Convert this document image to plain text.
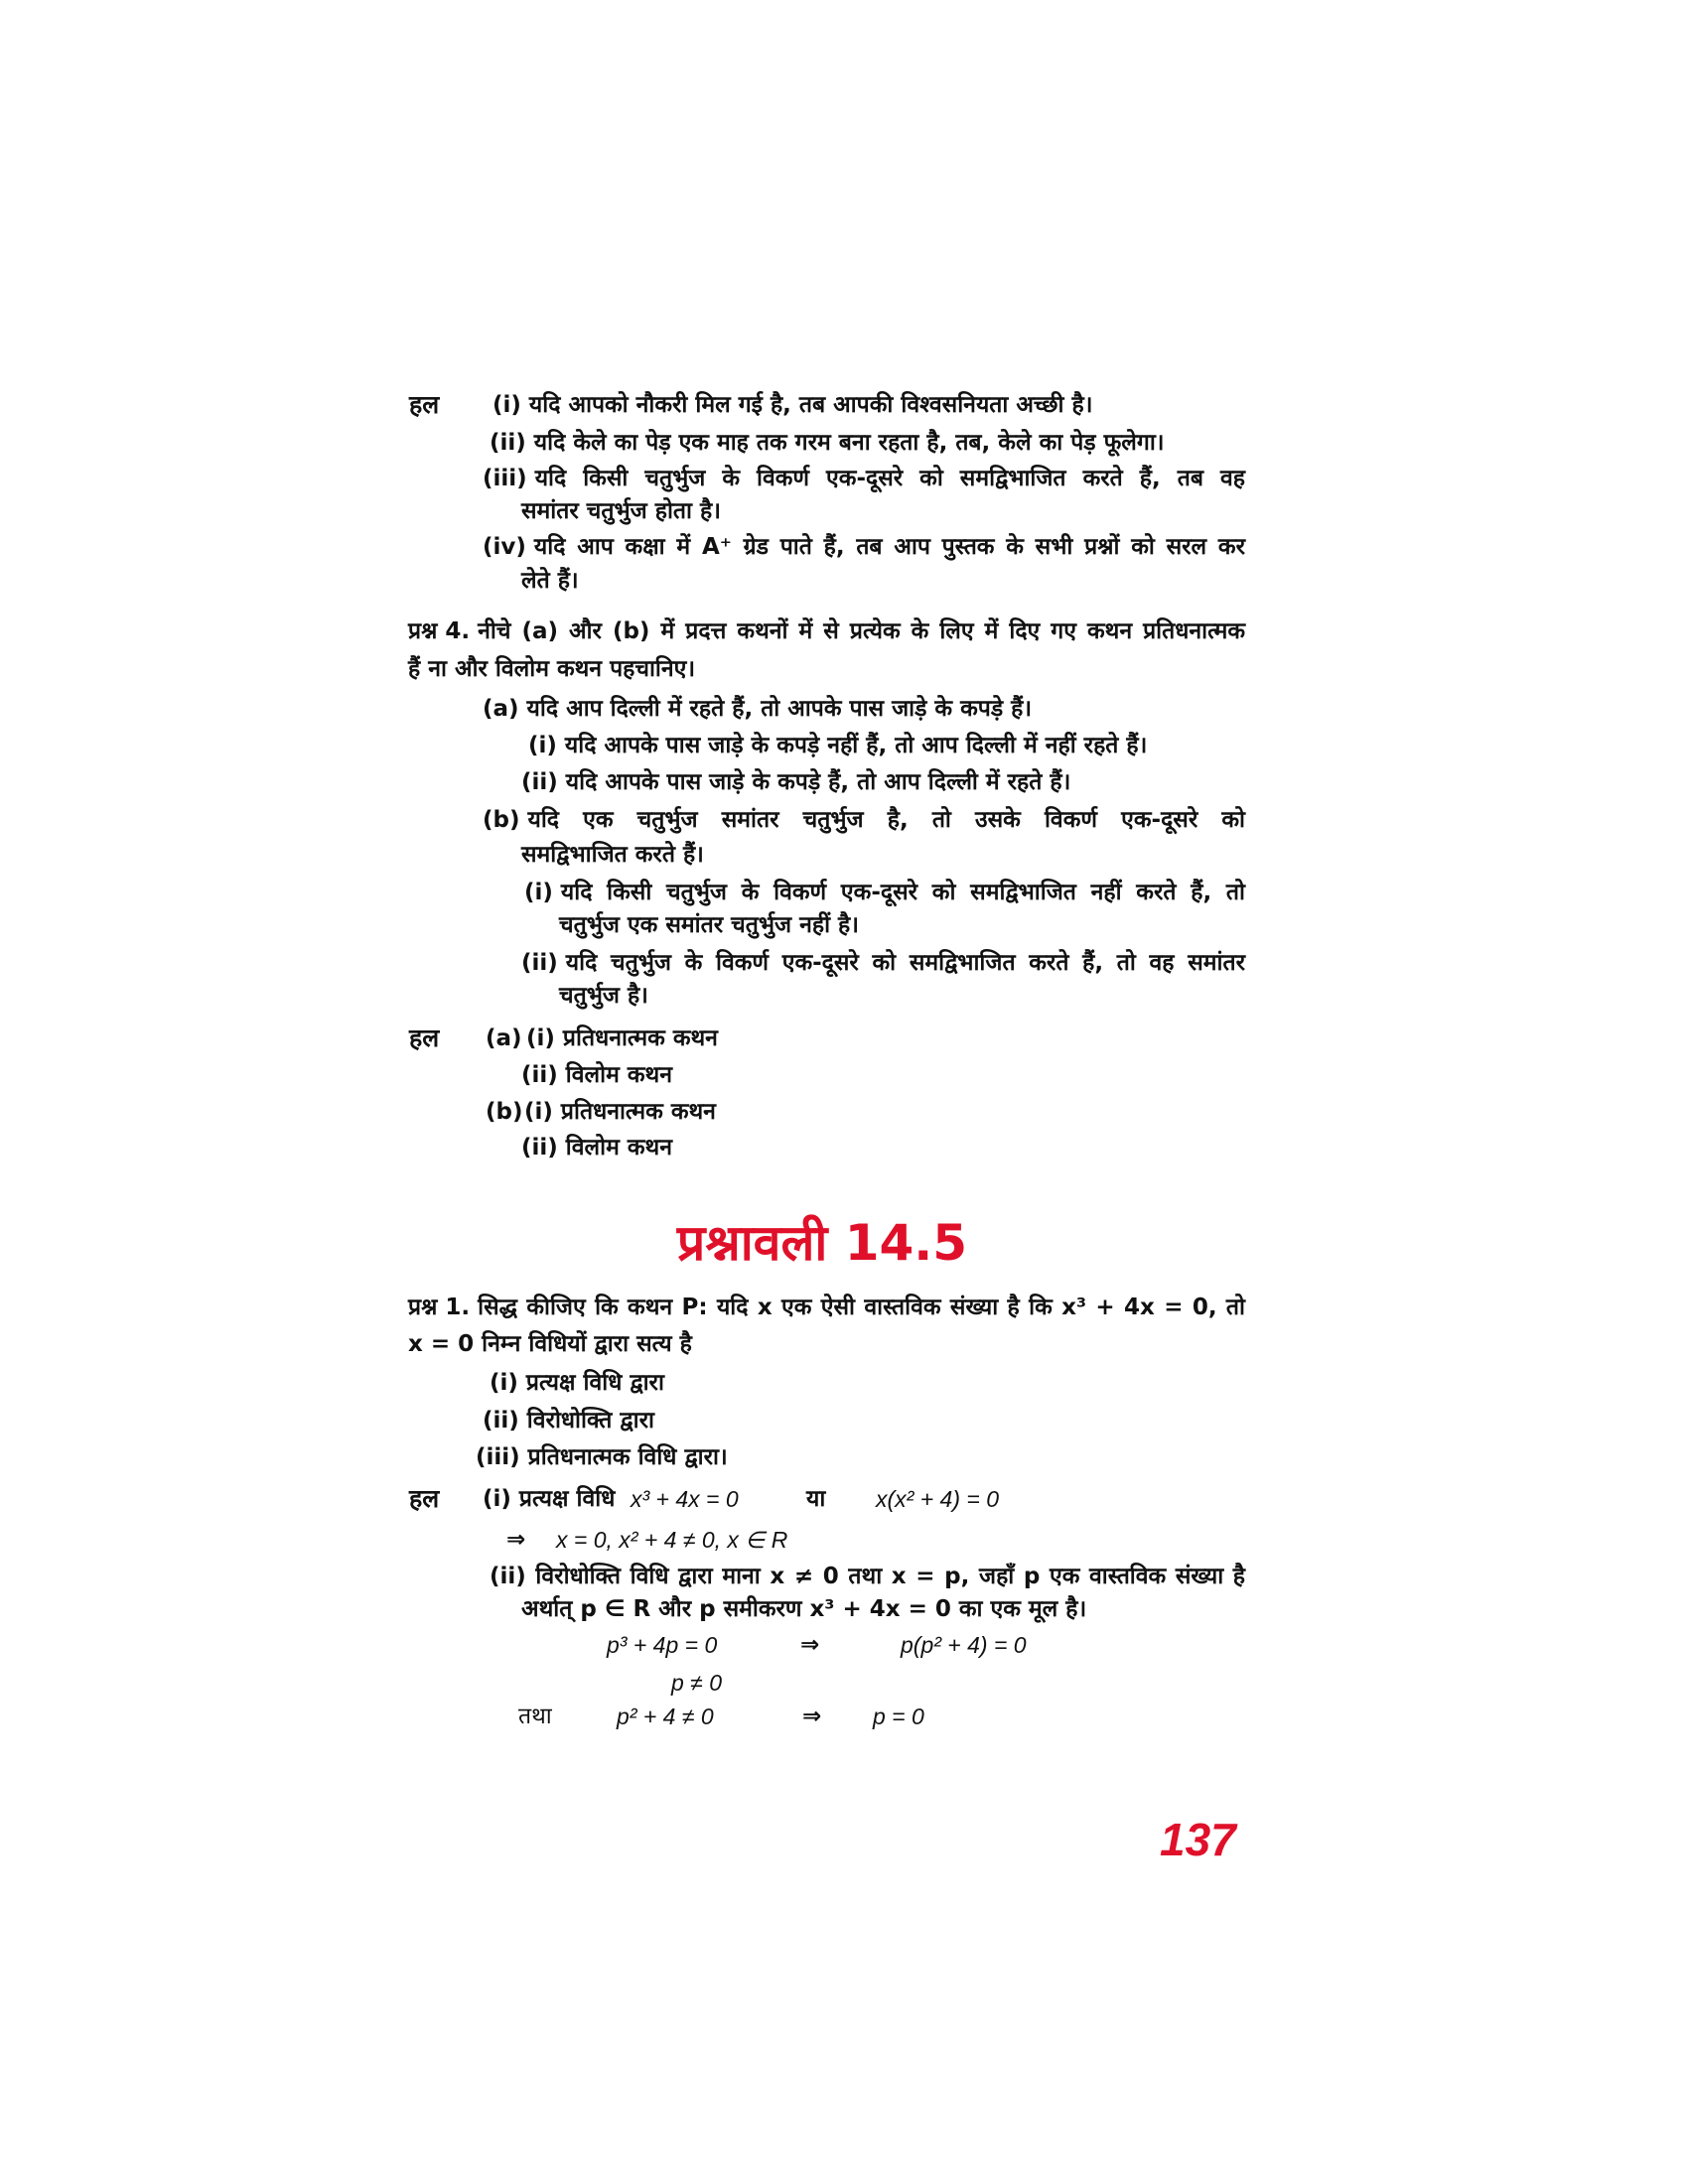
हल (i) यदि आपको नौकरी मिल गई है, तब आपकी विश्वसनियता अच्छी है।
(ii) यदि केले का पेड़ एक माह तक गरम बना रहता है, तब, केले का पेड़ फूलेगा।
(iii) यदि किसी चतुर्भुज के विकर्ण एक-दूसरे को समद्विभाजित करते हैं, तब वह
समांतर चतुर्भुज होता है।
(iv) यदि आप कक्षा में A⁺ ग्रेड पाते हैं, तब आप पुस्तक के सभी प्रश्नों को सरल कर
लेते हैं।
प्रश्न 4. नीचे (a) और (b) में प्रदत्त कथनों में से प्रत्येक के लिए में दिए गए कथन प्रतिधनात्मक
हैं ना और विलोम कथन पहचानिए।
(a) यदि आप दिल्ली में रहते हैं, तो आपके पास जाड़े के कपड़े हैं।
(i) यदि आपके पास जाड़े के कपड़े नहीं हैं, तो आप दिल्ली में नहीं रहते हैं।
(ii) यदि आपके पास जाड़े के कपड़े हैं, तो आप दिल्ली में रहते हैं।
(b) यदि एक चतुर्भुज समांतर चतुर्भुज है, तो उसके विकर्ण एक-दूसरे को
समद्विभाजित करते हैं।
(i) यदि किसी चतुर्भुज के विकर्ण एक-दूसरे को समद्विभाजित नहीं करते हैं, तो
चतुर्भुज एक समांतर चतुर्भुज नहीं है।
(ii) यदि चतुर्भुज के विकर्ण एक-दूसरे को समद्विभाजित करते हैं, तो वह समांतर
चतुर्भुज है।
हल (a) (i) प्रतिधनात्मक कथन
(ii) विलोम कथन
(b) (i) प्रतिधनात्मक कथन
(ii) विलोम कथन
प्रश्नावली 14.5
प्रश्न 1. सिद्ध कीजिए कि कथन P: यदि x एक ऐसी वास्तविक संख्या है कि x³ + 4x = 0, तो
x = 0 निम्न विधियों द्वारा सत्य है
(i) प्रत्यक्ष विधि द्वारा
(ii) विरोधोक्ति द्वारा
(iii) प्रतिधनात्मक विधि द्वारा।
हल (i) प्रत्यक्ष विधि x³ + 4x = 0	या x(x² + 4) = 0
⇒ x = 0, x² + 4 ≠ 0, x ∈ R
(ii) विरोधोक्ति विधि द्वारा माना x ≠ 0 तथा x = p, जहाँ p एक वास्तविक संख्या है
अर्थात् p ∈ R और p समीकरण x³ + 4x = 0 का एक मूल है।
p³ + 4p = 0	⇒	p(p² + 4) = 0
p ≠ 0
तथा	p² + 4 ≠ 0	⇒ p = 0
137
